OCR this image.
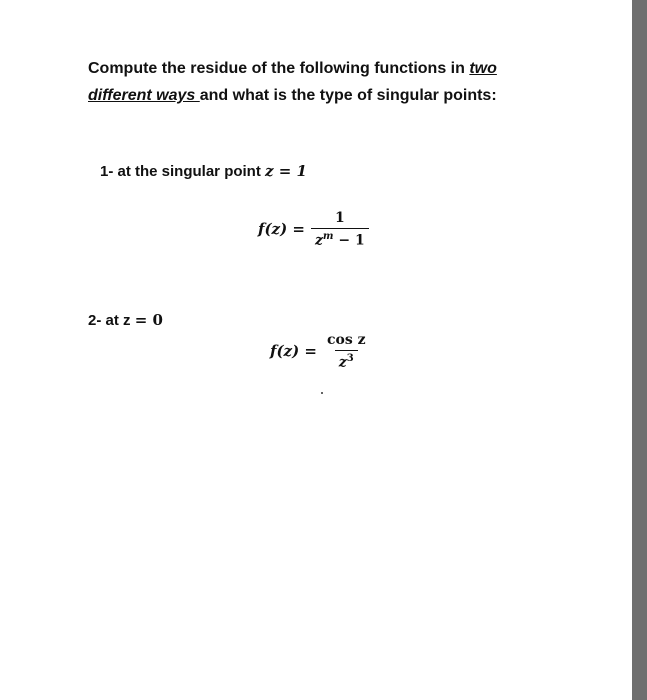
Compute the residue of the following functions in two
different ways and what is the type of singular points:
1- at the singular point z = 1
$f(z) = \frac{1}{z^m - 1}$
2- at z = 0
$f(z) = \frac{\text{cos z}}{z^3}$
